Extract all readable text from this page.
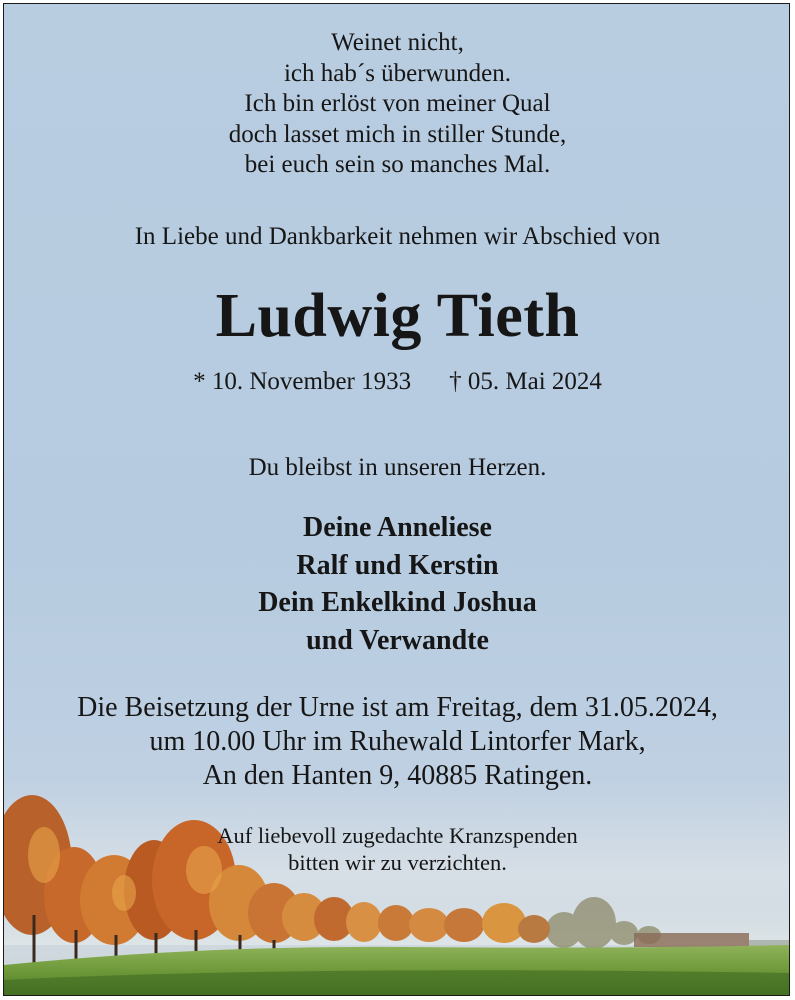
Weinet nicht,
ich hab´s überwunden.
Ich bin erlöst von meiner Qual
doch lasset mich in stiller Stunde,
bei euch sein so manches Mal.
In Liebe und Dankbarkeit nehmen wir Abschied von
Ludwig Tieth
* 10. November 1933 † 05. Mai 2024
Du bleibst in unseren Herzen.
Deine Anneliese
Ralf und Kerstin
Dein Enkelkind Joshua
und Verwandte
Die Beisetzung der Urne ist am Freitag, dem 31.05.2024,
um 10.00 Uhr im Ruhewald Lintorfer Mark,
An den Hanten 9, 40885 Ratingen.
Auf liebevoll zugedachte Kranzspenden
bitten wir zu verzichten.
